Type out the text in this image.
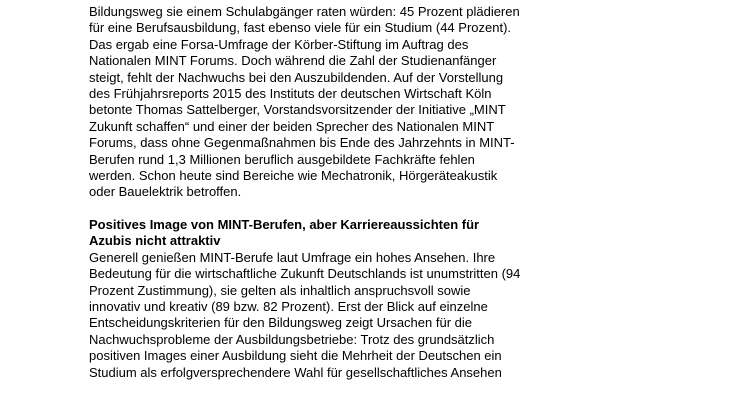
Bildungsweg sie einem Schulabgänger raten würden: 45 Prozent plädieren
für eine Berufsausbildung, fast ebenso viele für ein Studium (44 Prozent).
Das ergab eine Forsa-Umfrage der Körber-Stiftung im Auftrag des
Nationalen MINT Forums. Doch während die Zahl der Studienanfänger
steigt, fehlt der Nachwuchs bei den Auszubildenden. Auf der Vorstellung
des Frühjahrsreports 2015 des Instituts der deutschen Wirtschaft Köln
betonte Thomas Sattelberger, Vorstandsvorsitzender der Initiative „MINT
Zukunft schaffen“ und einer der beiden Sprecher des Nationalen MINT
Forums, dass ohne Gegenmaßnahmen bis Ende des Jahrzehnts in MINT-
Berufen rund 1,3 Millionen beruflich ausgebildete Fachkräfte fehlen
werden. Schon heute sind Bereiche wie Mechatronik, Hörgeräteakustik
oder Bauelektrik betroffen.
Positives Image von MINT-Berufen, aber Karriereaussichten für
Azubis nicht attraktiv
Generell genießen MINT-Berufe laut Umfrage ein hohes Ansehen. Ihre
Bedeutung für die wirtschaftliche Zukunft Deutschlands ist unumstritten (94
Prozent Zustimmung), sie gelten als inhaltlich anspruchsvoll sowie
innovativ und kreativ (89 bzw. 82 Prozent). Erst der Blick auf einzelne
Entscheidungskriterien für den Bildungsweg zeigt Ursachen für die
Nachwuchsprobleme der Ausbildungsbetriebe: Trotz des grundsätzlich
positiven Images einer Ausbildung sieht die Mehrheit der Deutschen ein
Studium als erfolgversprechendere Wahl für gesellschaftliches Ansehen
